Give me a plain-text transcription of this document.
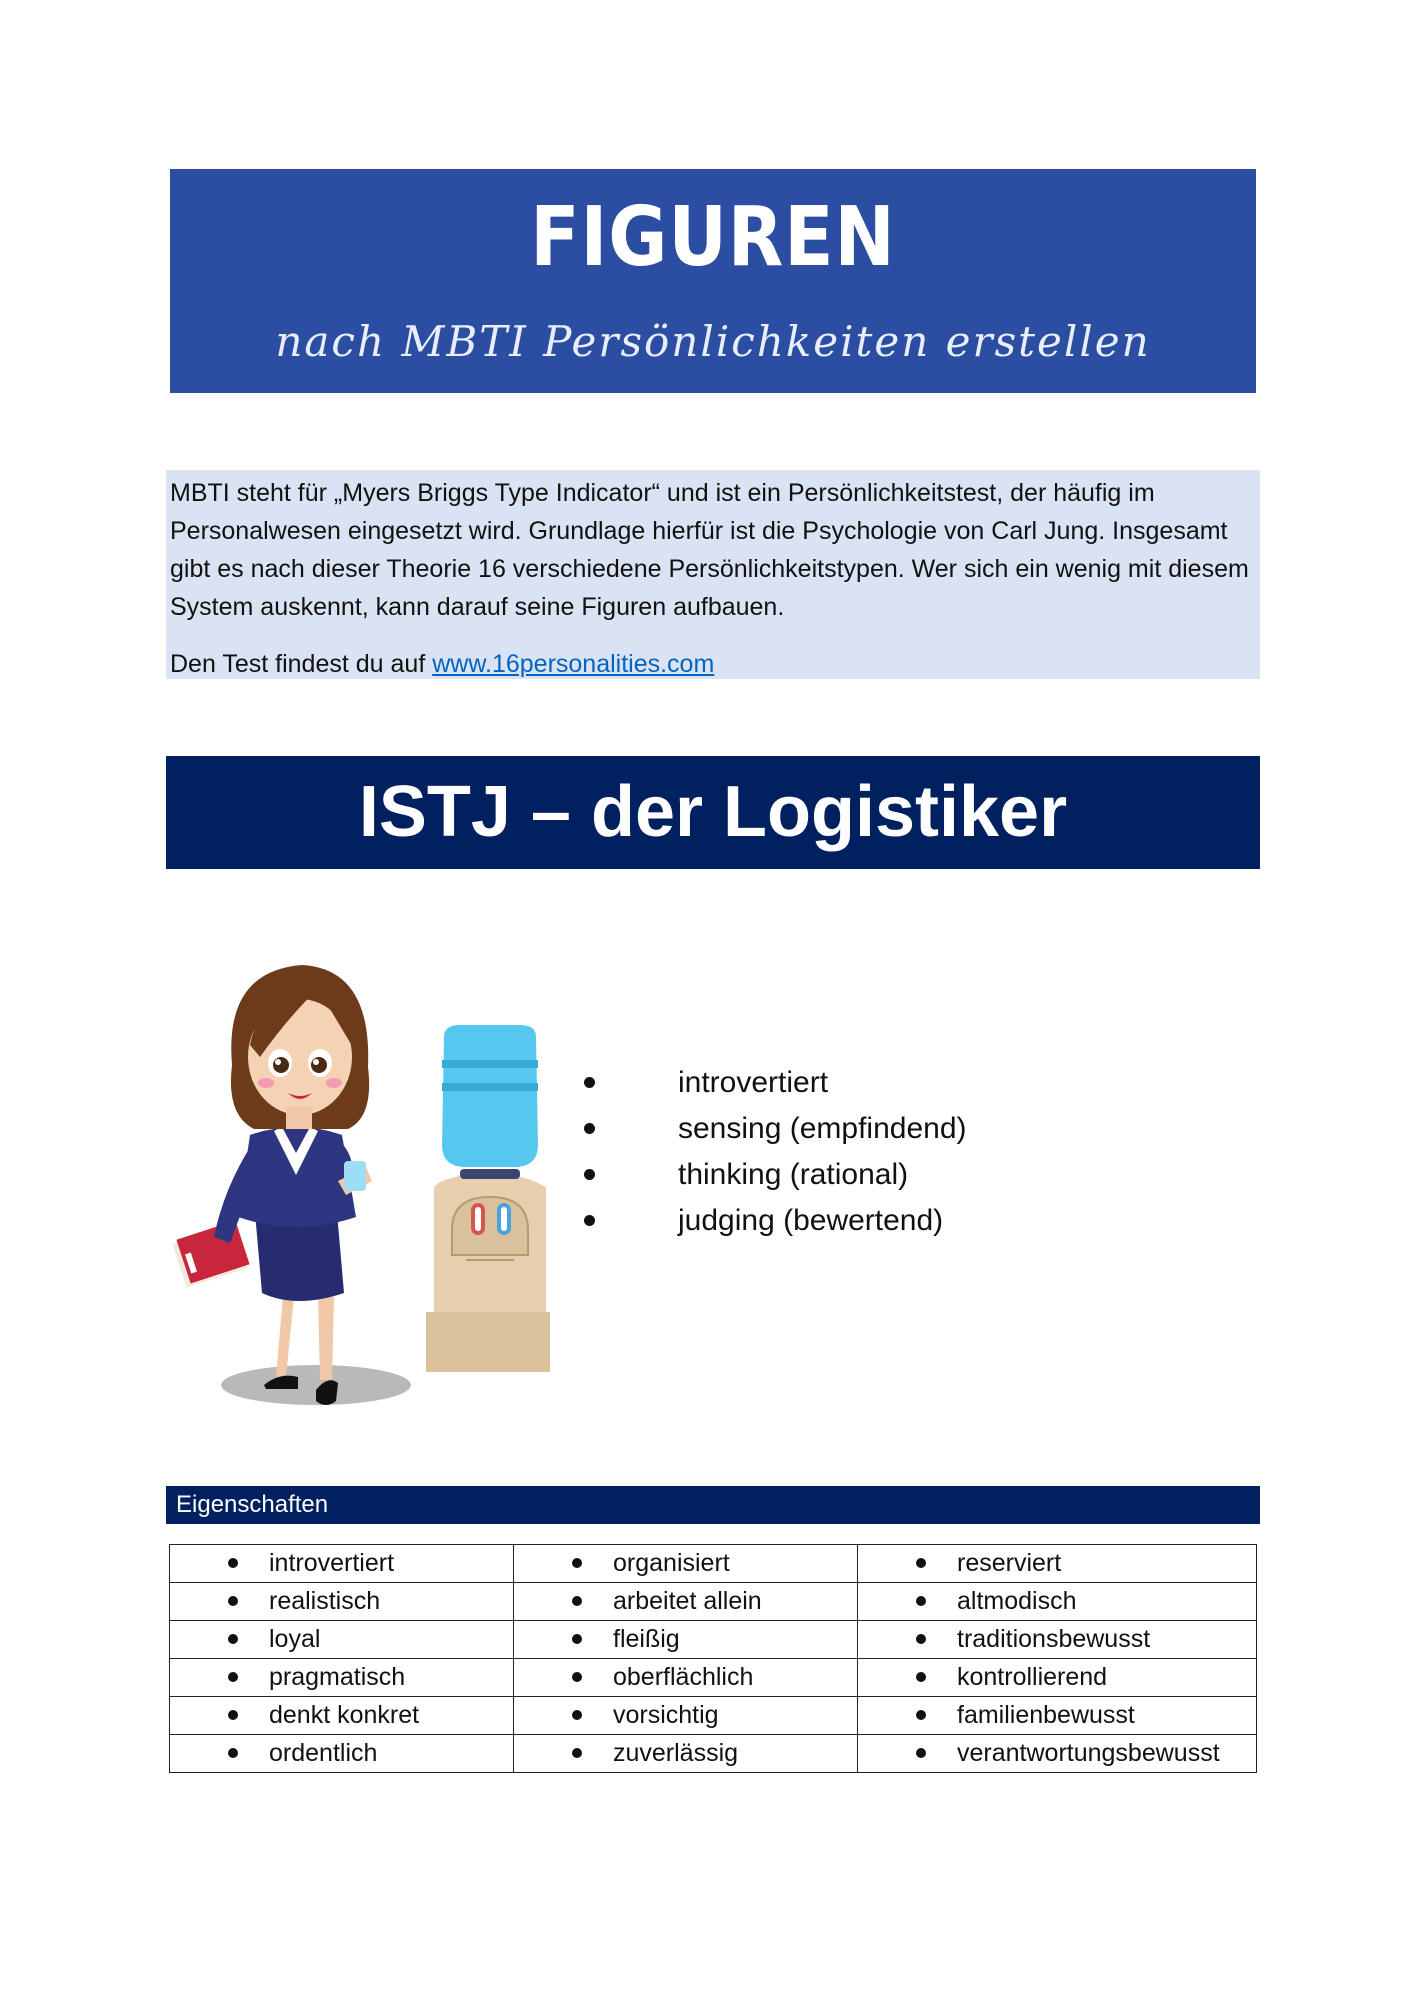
FIGUREN
nach MBTI Persönlichkeiten erstellen

MBTI steht für „Myers Briggs Type Indicator“ und ist ein Persönlichkeitstest, der häufig im Personalwesen eingesetzt wird. Grundlage hierfür ist die Psychologie von Carl Jung. Insgesamt gibt es nach dieser Theorie 16 verschiedene Persönlichkeitstypen. Wer sich ein wenig mit diesem System auskennt, kann darauf seine Figuren aufbauen.

Den Test findest du auf www.16personalities.com

ISTJ – der Logistiker
introvertiert
sensing (empfindend)
thinking (rational)
judging (bewertend)
Eigenschaften
introvertiert	organisiert	reserviert

realistisch	arbeitet allein	altmodisch

loyal	fleißig	traditionsbewusst

pragmatisch	oberflächlich	kontrollierend

denkt konkret	vorsichtig	familienbewusst

ordentlich	zuverlässig	verantwortungsbewusst
